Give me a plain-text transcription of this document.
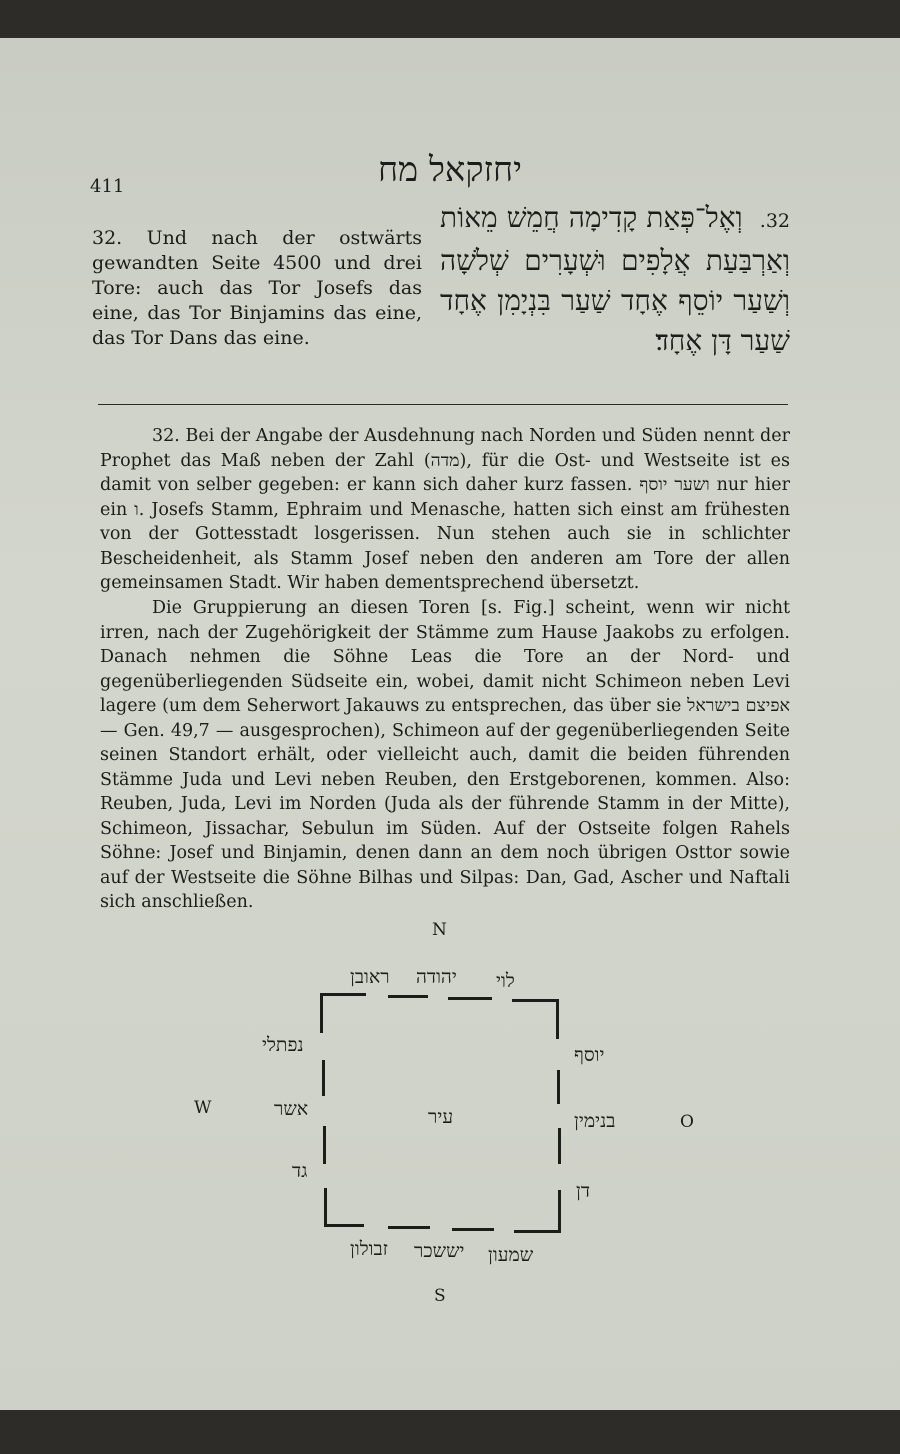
יחזקאל מח
411
32. Und nach der ostwärts gewandten Seite 4500 und drei Tore: auch das Tor Josefs das eine, das Tor Binjamins das eine, das Tor Dans das eine.
32. וְאֶל־פְּאַת קָדִימָה חֲמֵשׁ מֵאוֹת וְאַרְבַּעַת אֲלָפִים וּשְׁעָרִים שְׁלֹשָׁה וְשַׁעַר יוֹסֵף אֶחָד שַׁעַר בִּנְיָמִן אֶחָד שַׁעַר דָּן אֶחָד׃
32. Bei der Angabe der Ausdehnung nach Norden und Süden nennt der Prophet das Maß neben der Zahl (מדה), für die Ost- und Westseite ist es damit von selber gegeben: er kann sich daher kurz fassen. ושער יוסף nur hier ein ו. Josefs Stamm, Ephraim und Menasche, hatten sich einst am frühesten von der Gottesstadt losgerissen. Nun stehen auch sie in schlichter Bescheidenheit, als Stamm Josef neben den anderen am Tore der allen gemeinsamen Stadt. Wir haben dementsprechend übersetzt.
Die Gruppierung an diesen Toren [s. Fig.] scheint, wenn wir nicht irren, nach der Zugehörigkeit der Stämme zum Hause Jaakobs zu erfolgen. Danach nehmen die Söhne Leas die Tore an der Nord- und gegenüberliegenden Südseite ein, wobei, damit nicht Schimeon neben Levi lagere (um dem Seherwort Jakauws zu entsprechen, das über sie אפיצם בישראל — Gen. 49,7 — ausgesprochen), Schimeon auf der gegenüberliegenden Seite seinen Standort erhält, oder vielleicht auch, damit die beiden führenden Stämme Juda und Levi neben Reuben, den Erstgeborenen, kommen. Also: Reuben, Juda, Levi im Norden (Juda als der führende Stamm in der Mitte), Schimeon, Jissachar, Sebulun im Süden. Auf der Ostseite folgen Rahels Söhne: Josef und Binjamin, denen dann an dem noch übrigen Osttor sowie auf der Westseite die Söhne Bilhas und Silpas: Dan, Gad, Ascher und Naftali sich anschließen.
N
S
W
O
ראובן יהודה לוי
זבולון יששכר שמעון
יוסף
בנימין
דן
נפתלי
אשר
גד
עיר
